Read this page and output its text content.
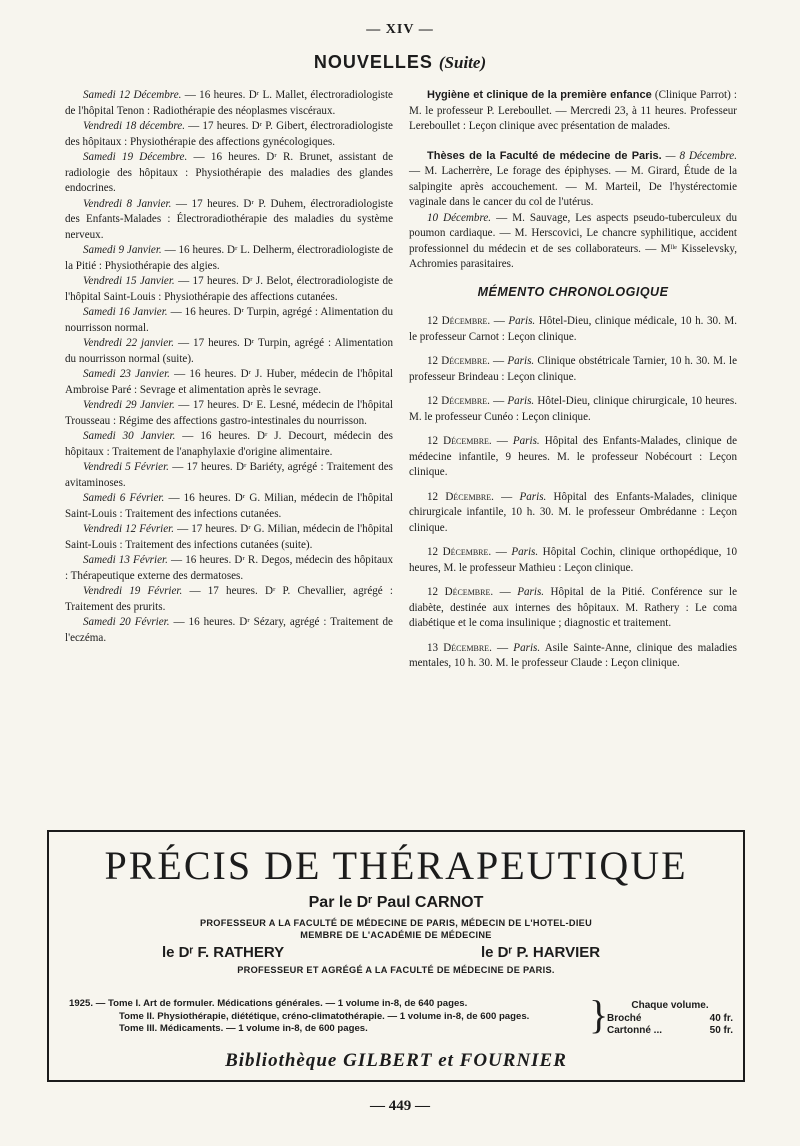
— XIV —
NOUVELLES (Suite)

Samedi 12 Décembre. — 16 heures. Dʳ L. Mallet, électroradiologiste de l'hôpital Tenon : Radiothérapie des néoplasmes viscéraux.

Vendredi 18 décembre. — 17 heures. Dʳ P. Gibert, électroradiologiste des hôpitaux : Physiothérapie des affections gynécologiques.

Samedi 19 Décembre. — 16 heures. Dʳ R. Brunet, assistant de radiologie des hôpitaux : Physiothérapie des maladies des glandes endocrines.

Vendredi 8 Janvier. — 17 heures. Dʳ P. Duhem, électroradiologiste des Enfants-Malades : Électroradiothérapie des maladies du système nerveux.

Samedi 9 Janvier. — 16 heures. Dʳ L. Delherm, électroradiologiste de la Pitié : Physiothérapie des algies.

Vendredi 15 Janvier. — 17 heures. Dʳ J. Belot, électroradiologiste de l'hôpital Saint-Louis : Physiothérapie des affections cutanées.

Samedi 16 Janvier. — 16 heures. Dʳ Turpin, agrégé : Alimentation du nourrisson normal.

Vendredi 22 janvier. — 17 heures. Dʳ Turpin, agrégé : Alimentation du nourrisson normal (suite).

Samedi 23 Janvier. — 16 heures. Dʳ J. Huber, médecin de l'hôpital Ambroise Paré : Sevrage et alimentation après le sevrage.

Vendredi 29 Janvier. — 17 heures. Dʳ E. Lesné, médecin de l'hôpital Trousseau : Régime des affections gastro-intestinales du nourrisson.

Samedi 30 Janvier. — 16 heures. Dʳ J. Decourt, médecin des hôpitaux : Traitement de l'anaphylaxie d'origine alimentaire.

Vendredi 5 Février. — 17 heures. Dʳ Bariéty, agrégé : Traitement des avitaminoses.

Samedi 6 Février. — 16 heures. Dʳ G. Milian, médecin de l'hôpital Saint-Louis : Traitement des infections cutanées.

Vendredi 12 Février. — 17 heures. Dʳ G. Milian, médecin de l'hôpital Saint-Louis : Traitement des infections cutanées (suite).

Samedi 13 Février. — 16 heures. Dʳ R. Degos, médecin des hôpitaux : Thérapeutique externe des dermatoses.

Vendredi 19 Février. — 17 heures. Dʳ P. Chevallier, agrégé : Traitement des prurits.

Samedi 20 Février. — 16 heures. Dʳ Sézary, agrégé : Traitement de l'eczéma.

Hygiène et clinique de la première enfance (Clinique Parrot) : M. le professeur P. Lereboullet. — Mercredi 23, à 11 heures. Professeur Lereboullet : Leçon clinique avec présentation de malades.

Thèses de la Faculté de médecine de Paris. — 8 Décembre. — M. Lacherrère, Le forage des épiphyses. — M. Girard, Étude de la salpingite après accouchement. — M. Marteil, De l'hystérectomie vaginale dans le cancer du col de l'utérus.

10 Décembre. — M. Sauvage, Les aspects pseudo-tuberculeux du poumon cardiaque. — M. Herscovici, Le chancre syphilitique, accident professionnel du médecin et de ses collaborateurs. — Mˡˡᵉ Kisselevsky, Achromies parasitaires.

MÉMENTO CHRONOLOGIQUE

12 Décembre. — Paris. Hôtel-Dieu, clinique médicale, 10 h. 30. M. le professeur Carnot : Leçon clinique.

12 Décembre. — Paris. Clinique obstétricale Tarnier, 10 h. 30. M. le professeur Brindeau : Leçon clinique.

12 Décembre. — Paris. Hôtel-Dieu, clinique chirurgicale, 10 heures. M. le professeur Cunéo : Leçon clinique.

12 Décembre. — Paris. Hôpital des Enfants-Malades, clinique de médecine infantile, 9 heures. M. le professeur Nobécourt : Leçon clinique.

12 Décembre. — Paris. Hôpital des Enfants-Malades, clinique chirurgicale infantile, 10 h. 30. M. le professeur Ombrédanne : Leçon clinique.

12 Décembre. — Paris. Hôpital Cochin, clinique orthopédique, 10 heures, M. le professeur Mathieu : Leçon clinique.

12 Décembre. — Paris. Hôpital de la Pitié. Conférence sur le diabète, destinée aux internes des hôpitaux. M. Rathery : Le coma diabétique et le coma insulinique ; diagnostic et traitement.

13 Décembre. — Paris. Asile Sainte-Anne, clinique des maladies mentales, 10 h. 30. M. le professeur Claude : Leçon clinique.

PRÉCIS DE THÉRAPEUTIQUE
Par le Dʳ Paul CARNOT
PROFESSEUR A LA FACULTÉ DE MÉDECINE DE PARIS, MÉDECIN DE L'HOTEL-DIEU
MEMBRE DE L'ACADÉMIE DE MÉDECINE
le Dʳ F. RATHERY	le Dʳ P. HARVIER
PROFESSEUR ET AGRÉGÉ A LA FACULTÉ DE MÉDECINE DE PARIS.
1925. — Tome I. Art de formuler. Médications générales. — 1 volume in-8, de 640 pages.
Tome II. Physiothérapie, diététique, créno-climatothérapie. — 1 volume in-8, de 600 pages.
Tome III. Médicaments. — 1 volume in-8, de 600 pages.	}	Chaque volume.
Broché	40 fr.
Cartonné ...	50 fr.
Bibliothèque GILBERT et FOURNIER
— 449 —
